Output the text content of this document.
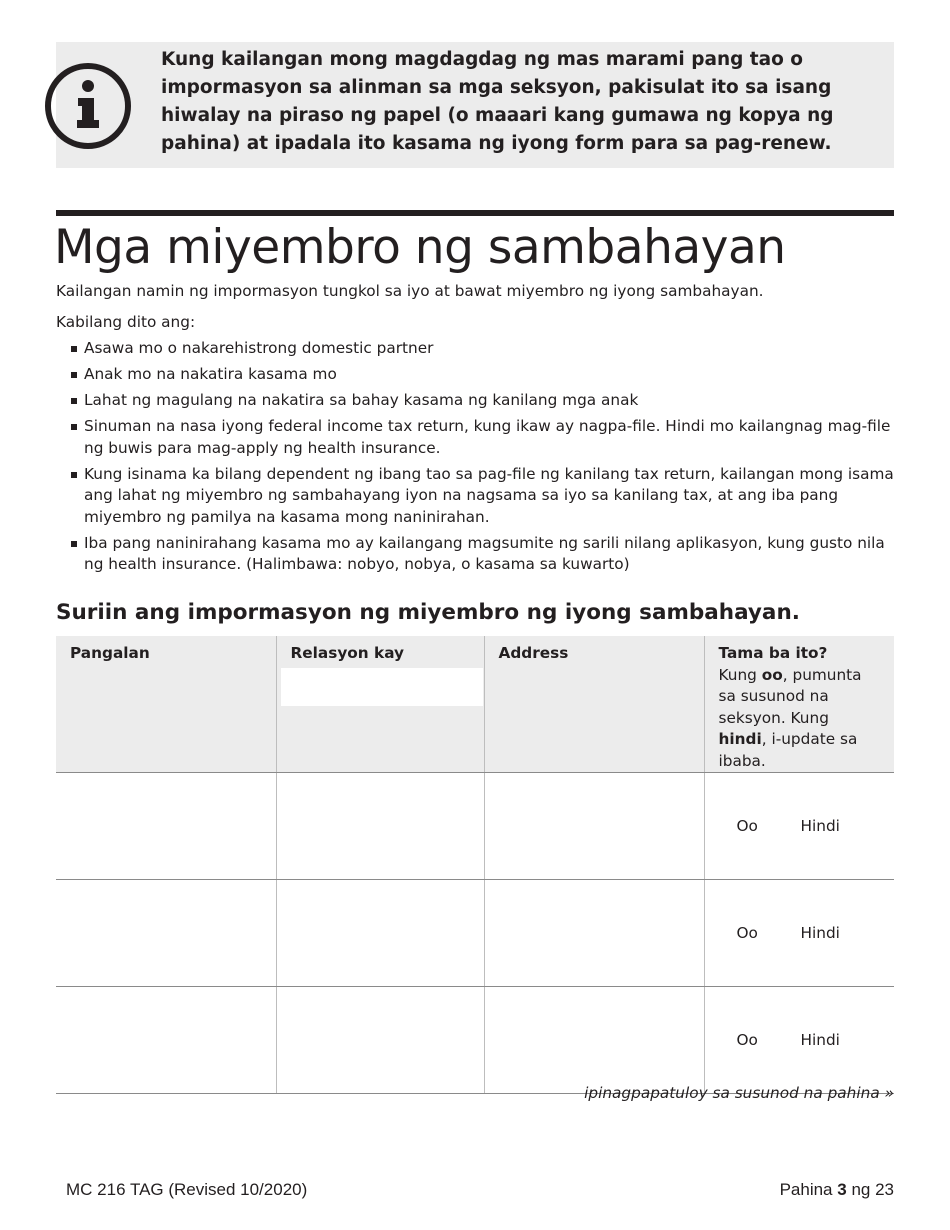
Kung kailangan mong magdagdag ng mas marami pang tao o impormasyon sa alinman sa mga seksyon, pakisulat ito sa isang hiwalay na piraso ng papel (o maaari kang gumawa ng kopya ng pahina) at ipadala ito kasama ng iyong form para sa pag-renew.

Mga miyembro ng sambahayan

Kailangan namin ng impormasyon tungkol sa iyo at bawat miyembro ng iyong sambahayan.

Kabilang dito ang:

Asawa mo o nakarehistrong domestic partner
Anak mo na nakatira kasama mo
Lahat ng magulang na nakatira sa bahay kasama ng kanilang mga anak
Sinuman na nasa iyong federal income tax return, kung ikaw ay nagpa-file. Hindi mo kailangnag mag-file ng buwis para mag-apply ng health insurance.
Kung isinama ka bilang dependent ng ibang tao sa pag-file ng kanilang tax return, kailangan mong isama ang lahat ng miyembro ng sambahayang iyon na nagsama sa iyo sa kanilang tax, at ang iba pang miyembro ng pamilya na kasama mong naninirahan.
Iba pang naninirahang kasama mo ay kailangang magsumite ng sarili nilang aplikasyon, kung gusto nila ng health insurance. (Halimbawa: nobyo, nobya, o kasama sa kuwarto)
Suriin ang impormasyon ng miyembro ng iyong sambahayan.
Pangalan	Relasyon kay	Address	Tama ba ito?
Kung oo, pumunta sa susunod na seksyon. Kung hindi, i-update sa ibaba.

			Oo Hindi
			Oo Hindi
			Oo Hindi

ipinagpapatuloy sa susunod na pahina »

MC 216 TAG (Revised 10/2020)	Pahina 3 ng 23
